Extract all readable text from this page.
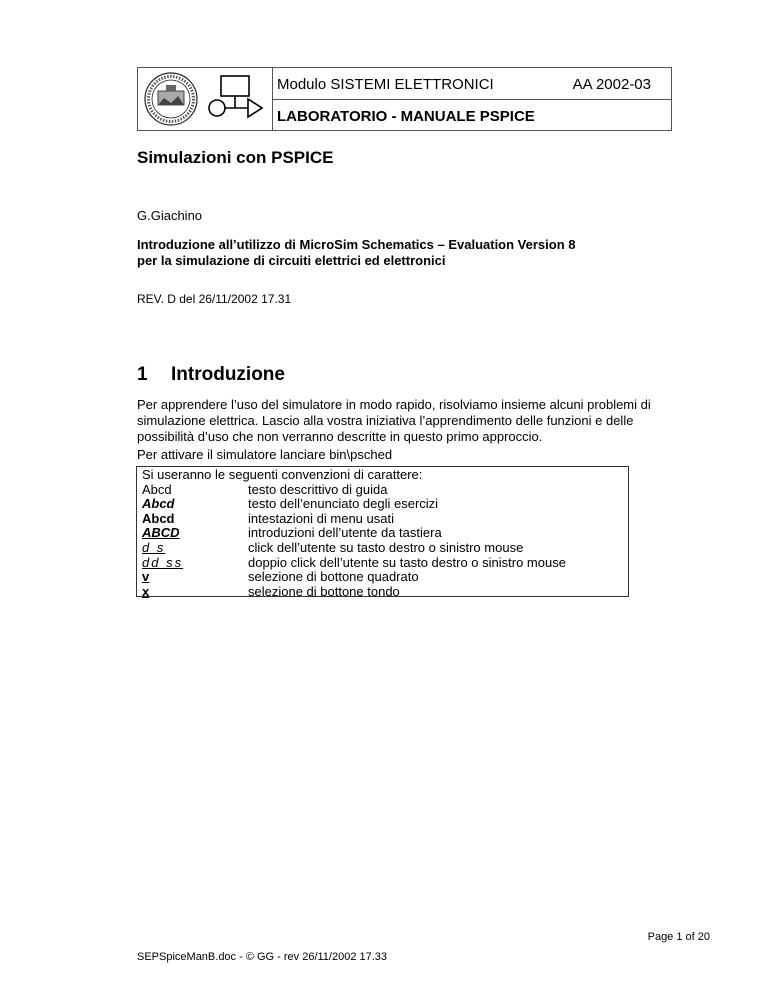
Modulo SISTEMI ELETTRONICI	AA 2002-03
LABORATORIO - MANUALE PSPICE
Simulazioni con PSPICE
G.Giachino
Introduzione all’utilizzo di MicroSim Schematics – Evaluation Version 8
per la simulazione di circuiti elettrici ed elettronici
REV. D del 26/11/2002 17.31
1 Introduzione
Per apprendere l’uso del simulatore in modo rapido, risolviamo insieme alcuni problemi di
simulazione elettrica. Lascio alla vostra iniziativa l’apprendimento delle funzioni e delle
possibilità d’uso che non verranno descritte in questo primo approccio.
Per attivare il simulatore lanciare bin\psched
Si useranno le seguenti convenzioni di carattere:
Abcd	testo descrittivo di guida
Abcd	testo dell’enunciato degli esercizi
Abcd	intestazioni di menu usati
ABCD	introduzioni dell’utente da tastiera
d s	click dell’utente su tasto destro o sinistro mouse
dd ss	doppio click dell’utente su tasto destro o sinistro mouse
v	selezione di bottone quadrato
x	selezione di bottone tondo
Page 1 of 20
SEPSpiceManB.doc - © GG - rev 26/11/2002 17.33
